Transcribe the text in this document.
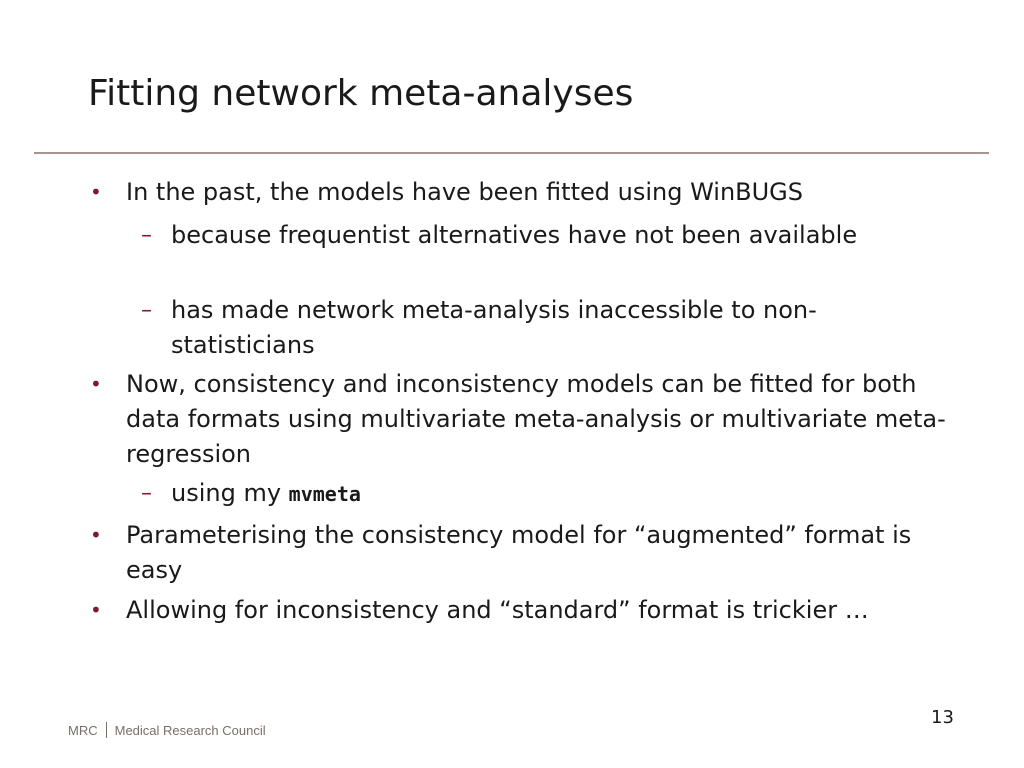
Fitting network meta-analyses
• In the past, the models have been fitted using WinBUGS
– because frequentist alternatives have not been available
– has made network meta-analysis inaccessible to non-statisticians
• Now, consistency and inconsistency models can be fitted for both data formats using multivariate meta-analysis or multivariate meta-regression
– using my mvmeta
• Parameterising the consistency model for “augmented” format is easy
• Allowing for inconsistency and “standard” format is trickier …
13
MRC Medical Research Council
